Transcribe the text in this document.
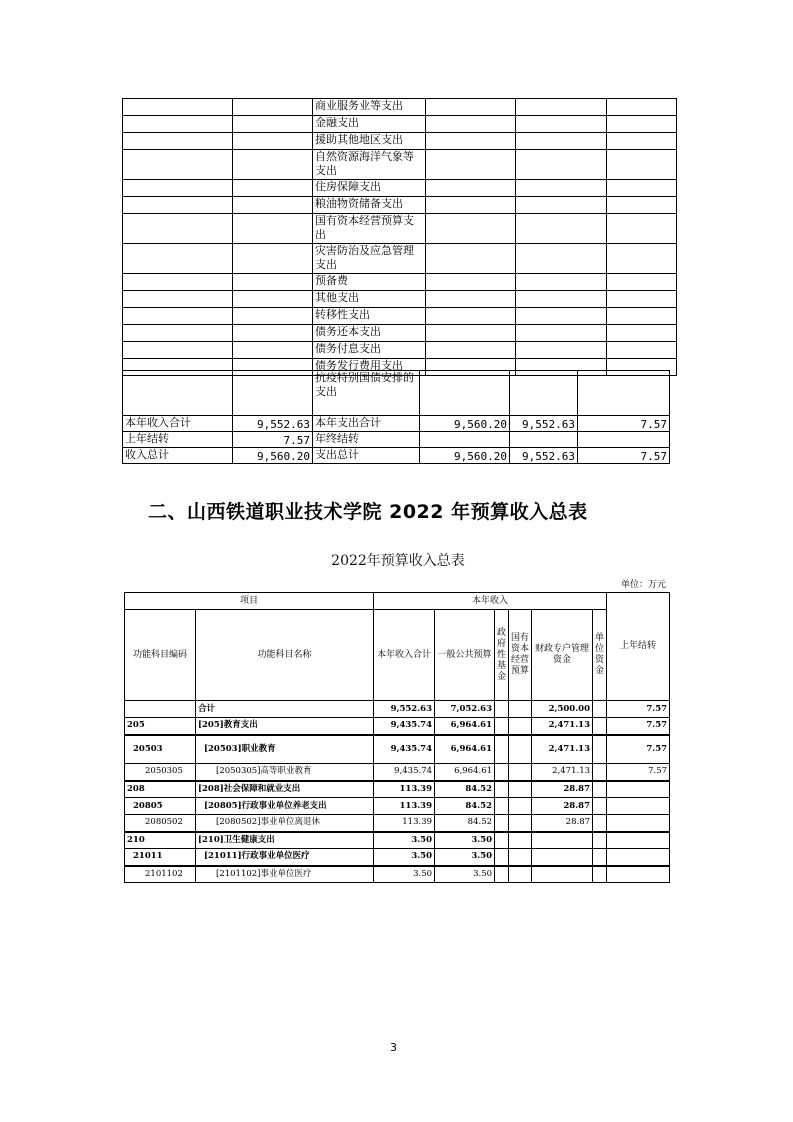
		商业服务业等支出			
		金融支出			
		援助其他地区支出			
		自然资源海洋气象等支出			
		住房保障支出			
		粮油物资储备支出			
		国有资本经营预算支出			
		灾害防治及应急管理支出			
		预备费			
		其他支出			
		转移性支出			
		债务还本支出			
		债务付息支出			
		债务发行费用支出			
		抗疫特别国债安排的支出			
本年收入合计	9,552.63	本年支出合计	9,560.20	9,552.63	7.57
上年结转	7.57	年终结转			
收入总计	9,560.20	支出总计	9,560.20	9,552.63	7.57
二、山西铁道职业技术学院 2022 年预算收入总表
2022年预算收入总表
单位：万元
项目		本年收入						上年结转
功能科目编码	功能科目名称	本年收入合计	一般公共预算	政府性基金	国有资本经营预算	财政专户管理资金	单位资金	
	合计	9,552.63	7,052.63			2,500.00		7.57
205	[205]教育支出	9,435.74	6,964.61			2,471.13		7.57
20503	[20503]职业教育	9,435.74	6,964.61			2,471.13		7.57
2050305	[2050305]高等职业教育	9,435.74	6,964.61			2,471.13		7.57
208	[208]社会保障和就业支出	113.39	84.52			28.87		
20805	[20805]行政事业单位养老支出	113.39	84.52			28.87		
2080502	[2080502]事业单位离退休	113.39	84.52			28.87		
210	[210]卫生健康支出	3.50	3.50					
21011	[21011]行政事业单位医疗	3.50	3.50					
2101102	[2101102]事业单位医疗	3.50	3.50					
3
